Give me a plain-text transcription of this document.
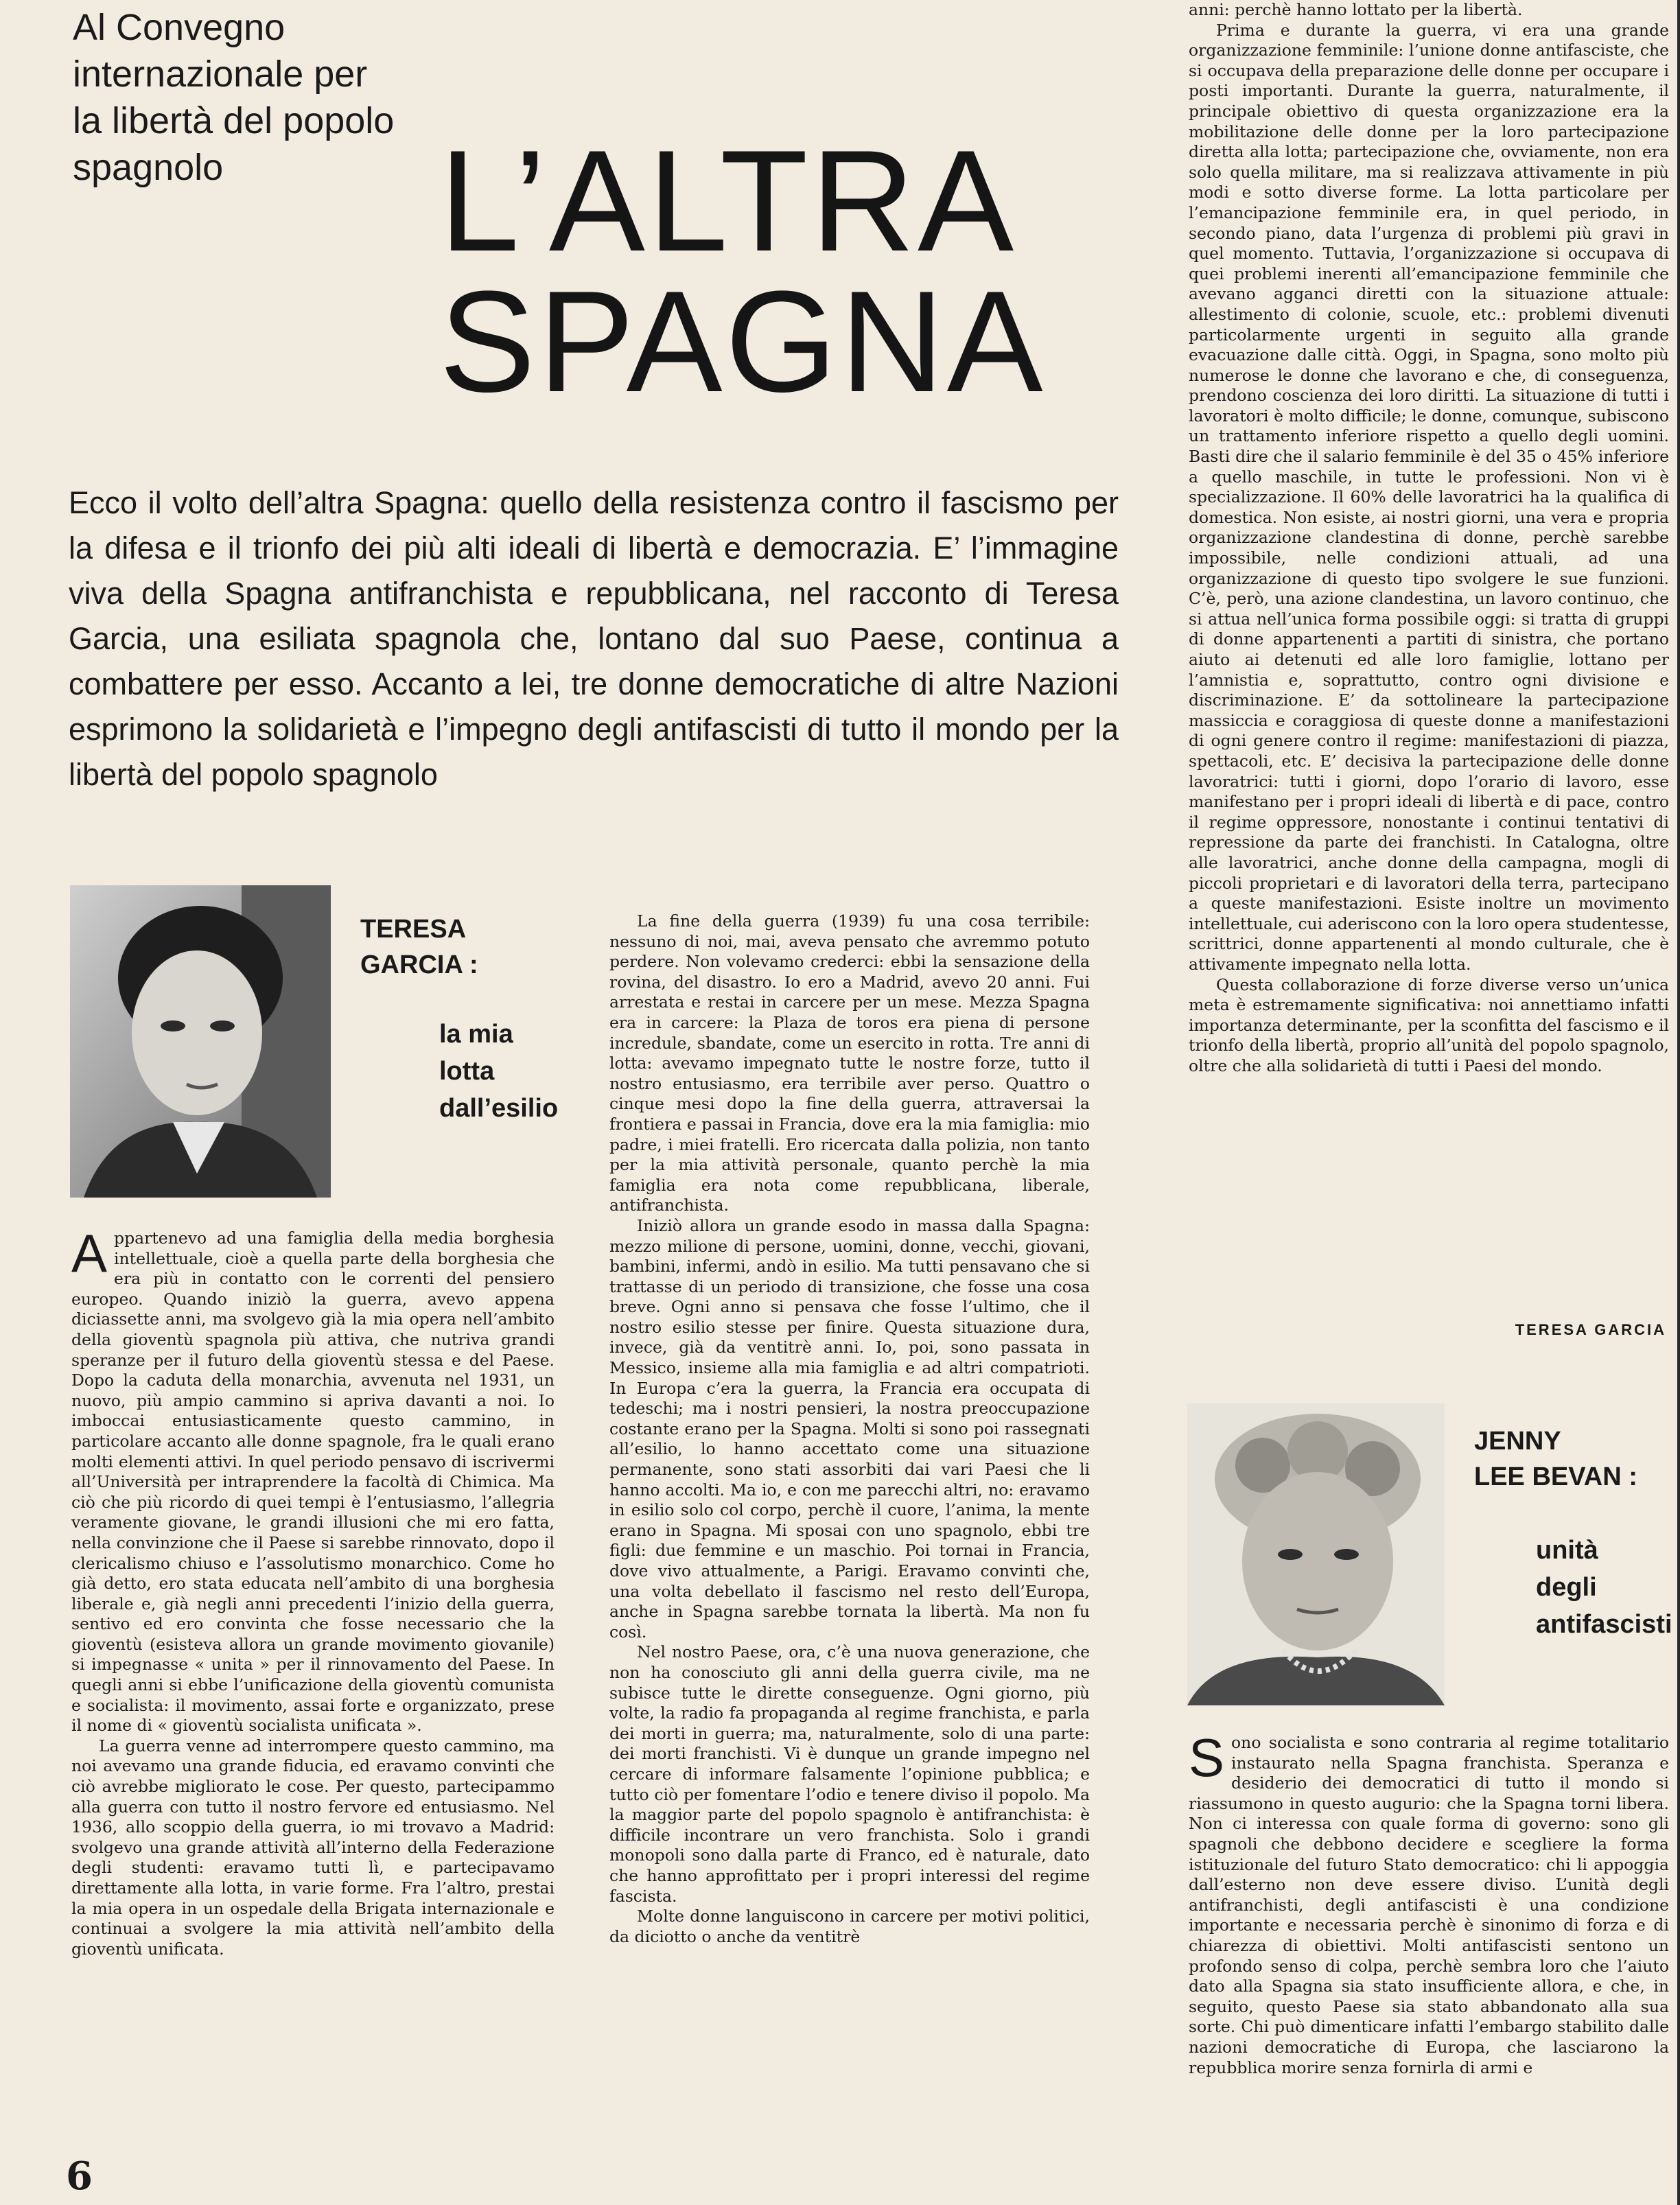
Al Convegno internazionale per la libertà del popolo spagnolo	L’ALTRA
SPAGNA
Ecco il volto dell’altra Spagna: quello della resistenza contro il fascismo per la difesa e il trionfo dei più alti ideali di libertà e democrazia. E’ l’immagine viva della Spagna antifranchista e repubblicana, nel racconto di Teresa Garcia, una esiliata spagnola che, lontano dal suo Paese, continua a combattere per esso. Accanto a lei, tre donne democratiche di altre Nazioni esprimono la solidarietà e l’impegno degli antifascisti di tutto il mondo per la libertà del popolo spagnolo
TERESA
GARCIA :
la mia
lotta
dall’esilio

Appartenevo ad una famiglia della media borghesia intellettuale, cioè a quella parte della borghesia che era più in contatto con le correnti del pensiero europeo. Quando iniziò la guerra, avevo appena diciassette anni, ma svolgevo già la mia opera nell’ambito della gioventù spagnola più attiva, che nutriva grandi speranze per il futuro della gioventù stessa e del Paese. Dopo la caduta della monarchia, avvenuta nel 1931, un nuovo, più ampio cammino si apriva davanti a noi. Io imboccai entusiasticamente questo cammino, in particolare accanto alle donne spagnole, fra le quali erano molti elementi attivi. In quel periodo pensavo di iscrivermi all’Università per intraprendere la facoltà di Chimica. Ma ciò che più ricordo di quei tempi è l’entusiasmo, l’allegria veramente giovane, le grandi illusioni che mi ero fatta, nella convinzione che il Paese si sarebbe rinnovato, dopo il clericalismo chiuso e l’assolutismo monarchico. Come ho già detto, ero stata educata nell’ambito di una borghesia liberale e, già negli anni precedenti l’inizio della guerra, sentivo ed ero convinta che fosse necessario che la gioventù (esisteva allora un grande movimento giovanile) si impegnasse « unita » per il rinnovamento del Paese. In quegli anni si ebbe l’unificazione della gioventù comunista e socialista: il movimento, assai forte e organizzato, prese il nome di « gioventù socialista unificata ».

La guerra venne ad interrompere questo cammino, ma noi avevamo una grande fiducia, ed eravamo convinti che ciò avrebbe migliorato le cose. Per questo, partecipammo alla guerra con tutto il nostro fervore ed entusiasmo. Nel 1936, allo scoppio della guerra, io mi trovavo a Madrid: svolgevo una grande attività all’interno della Federazione degli studenti: eravamo tutti lì, e partecipavamo direttamente alla lotta, in varie forme. Fra l’altro, prestai la mia opera in un ospedale della Brigata internazionale e continuai a svolgere la mia attività nell’ambito della gioventù unificata.

La fine della guerra (1939) fu una cosa terribile: nessuno di noi, mai, aveva pensato che avremmo potuto perdere. Non volevamo crederci: ebbi la sensazione della rovina, del disastro. Io ero a Madrid, avevo 20 anni. Fui arrestata e restai in carcere per un mese. Mezza Spagna era in carcere: la Plaza de toros era piena di persone incredule, sbandate, come un esercito in rotta. Tre anni di lotta: avevamo impegnato tutte le nostre forze, tutto il nostro entusiasmo, era terribile aver perso. Quattro o cinque mesi dopo la fine della guerra, attraversai la frontiera e passai in Francia, dove era la mia famiglia: mio padre, i miei fratelli. Ero ricercata dalla polizia, non tanto per la mia attività personale, quanto perchè la mia famiglia era nota come repubblicana, liberale, antifranchista.

Iniziò allora un grande esodo in massa dalla Spagna: mezzo milione di persone, uomini, donne, vecchi, giovani, bambini, infermi, andò in esilio. Ma tutti pensavano che si trattasse di un periodo di transizione, che fosse una cosa breve. Ogni anno si pensava che fosse l’ultimo, che il nostro esilio stesse per finire. Questa situazione dura, invece, già da ventitrè anni. Io, poi, sono passata in Messico, insieme alla mia famiglia e ad altri compatrioti. In Europa c’era la guerra, la Francia era occupata di tedeschi; ma i nostri pensieri, la nostra preoccupazione costante erano per la Spagna. Molti si sono poi rassegnati all’esilio, lo hanno accettato come una situazione permanente, sono stati assorbiti dai vari Paesi che li hanno accolti. Ma io, e con me parecchi altri, no: eravamo in esilio solo col corpo, perchè il cuore, l’anima, la mente erano in Spagna. Mi sposai con uno spagnolo, ebbi tre figli: due femmine e un maschio. Poi tornai in Francia, dove vivo attualmente, a Parigi. Eravamo convinti che, una volta debellato il fascismo nel resto dell’Europa, anche in Spagna sarebbe tornata la libertà. Ma non fu così.

Nel nostro Paese, ora, c’è una nuova generazione, che non ha conosciuto gli anni della guerra civile, ma ne subisce tutte le dirette conseguenze. Ogni giorno, più volte, la radio fa propaganda al regime franchista, e parla dei morti in guerra; ma, naturalmente, solo di una parte: dei morti franchisti. Vi è dunque un grande impegno nel cercare di informare falsamente l’opinione pubblica; e tutto ciò per fomentare l’odio e tenere diviso il popolo. Ma la maggior parte del popolo spagnolo è antifranchista: è difficile incontrare un vero franchista. Solo i grandi monopoli sono dalla parte di Franco, ed è naturale, dato che hanno approfittato per i propri interessi del regime fascista.

Molte donne languiscono in carcere per motivi politici, da diciotto o anche da ventitrè

anni: perchè hanno lottato per la libertà.

Prima e durante la guerra, vi era una grande organizzazione femminile: l’unione donne antifasciste, che si occupava della preparazione delle donne per occupare i posti importanti. Durante la guerra, naturalmente, il principale obiettivo di questa organizzazione era la mobilitazione delle donne per la loro partecipazione diretta alla lotta; partecipazione che, ovviamente, non era solo quella militare, ma si realizzava attivamente in più modi e sotto diverse forme. La lotta particolare per l’emancipazione femminile era, in quel periodo, in secondo piano, data l’urgenza di problemi più gravi in quel momento. Tuttavia, l’organizzazione si occupava di quei problemi inerenti all’emancipazione femminile che avevano agganci diretti con la situazione attuale: allestimento di colonie, scuole, etc.: problemi divenuti particolarmente urgenti in seguito alla grande evacuazione dalle città. Oggi, in Spagna, sono molto più numerose le donne che lavorano e che, di conseguenza, prendono coscienza dei loro diritti. La situazione di tutti i lavoratori è molto difficile; le donne, comunque, subiscono un trattamento inferiore rispetto a quello degli uomini. Basti dire che il salario femminile è del 35 o 45% inferiore a quello maschile, in tutte le professioni. Non vi è specializzazione. Il 60% delle lavoratrici ha la qualifica di domestica. Non esiste, ai nostri giorni, una vera e propria organizzazione clandestina di donne, perchè sarebbe impossibile, nelle condizioni attuali, ad una organizzazione di questo tipo svolgere le sue funzioni. C’è, però, una azione clandestina, un lavoro continuo, che si attua nell’unica forma possibile oggi: si tratta di gruppi di donne appartenenti a partiti di sinistra, che portano aiuto ai detenuti ed alle loro famiglie, lottano per l’amnistia e, soprattutto, contro ogni divisione e discriminazione. E’ da sottolineare la partecipazione massiccia e coraggiosa di queste donne a manifestazioni di ogni genere contro il regime: manifestazioni di piazza, spettacoli, etc. E’ decisiva la partecipazione delle donne lavoratrici: tutti i giorni, dopo l’orario di lavoro, esse manifestano per i propri ideali di libertà e di pace, contro il regime oppressore, nonostante i continui tentativi di repressione da parte dei franchisti. In Catalogna, oltre alle lavoratrici, anche donne della campagna, mogli di piccoli proprietari e di lavoratori della terra, partecipano a queste manifestazioni. Esiste inoltre un movimento intellettuale, cui aderiscono con la loro opera studentesse, scrittrici, donne appartenenti al mondo culturale, che è attivamente impegnato nella lotta.

Questa collaborazione di forze diverse verso un’unica meta è estremamente significativa: noi annettiamo infatti importanza determinante, per la sconfitta del fascismo e il trionfo della libertà, proprio all’unità del popolo spagnolo, oltre che alla solidarietà di tutti i Paesi del mondo.

TERESA GARCIA
JENNY
LEE BEVAN :
unità
degli
antifascisti

Sono socialista e sono contraria al regime totalitario instaurato nella Spagna franchista. Speranza e desiderio dei democratici di tutto il mondo si riassumono in questo augurio: che la Spagna torni libera. Non ci interessa con quale forma di governo: sono gli spagnoli che debbono decidere e scegliere la forma istituzionale del futuro Stato democratico: chi li appoggia dall’esterno non deve essere diviso. L’unità degli antifranchisti, degli antifascisti è una condizione importante e necessaria perchè è sinonimo di forza e di chiarezza di obiettivi. Molti antifascisti sentono un profondo senso di colpa, perchè sembra loro che l’aiuto dato alla Spagna sia stato insufficiente allora, e che, in seguito, questo Paese sia stato abbandonato alla sua sorte. Chi può dimenticare infatti l’embargo stabilito dalle nazioni democratiche di Europa, che lasciarono la repubblica morire senza fornirla di armi e

6
